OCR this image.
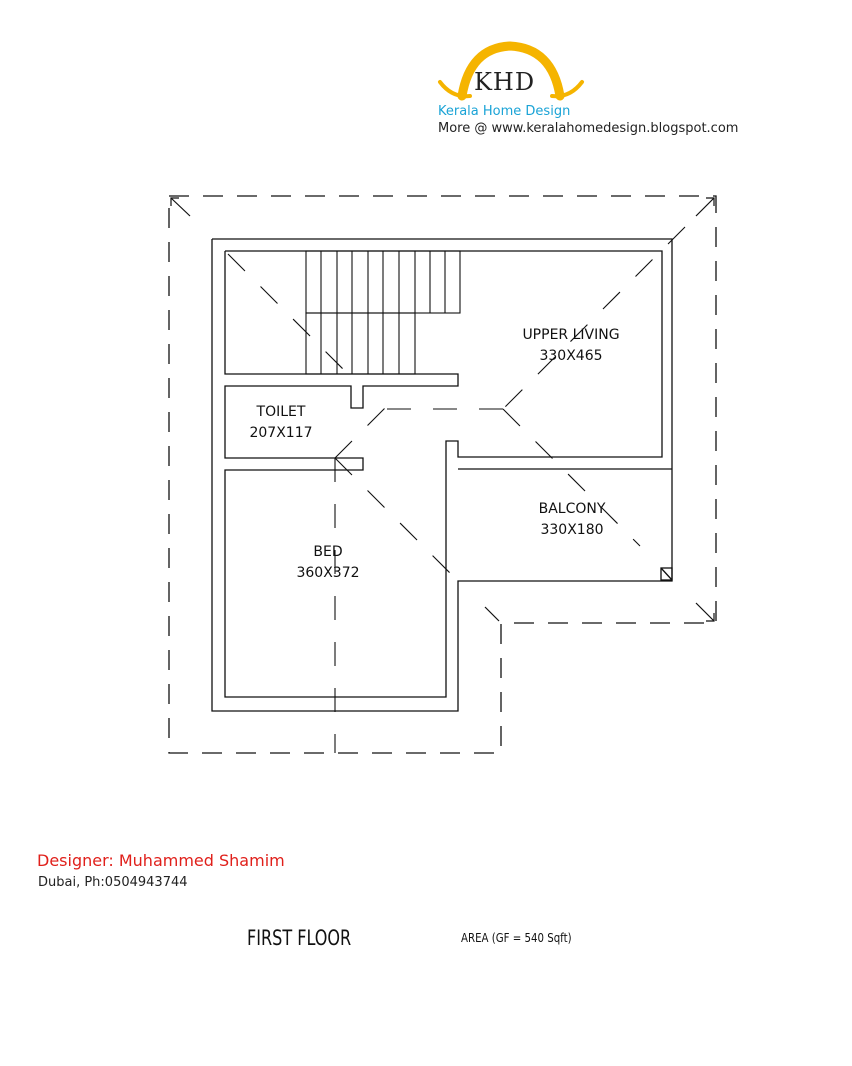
KHD
Kerala Home Design
More @ www.keralahomedesign.blogspot.com
UPPER LIVING
330X465
TOILET
207X117
BALCONY
330X180
BED
360X372
Designer: Muhammed Shamim
Dubai, Ph:0504943744
FIRST FLOOR	AREA (GF = 540 Sqft)
